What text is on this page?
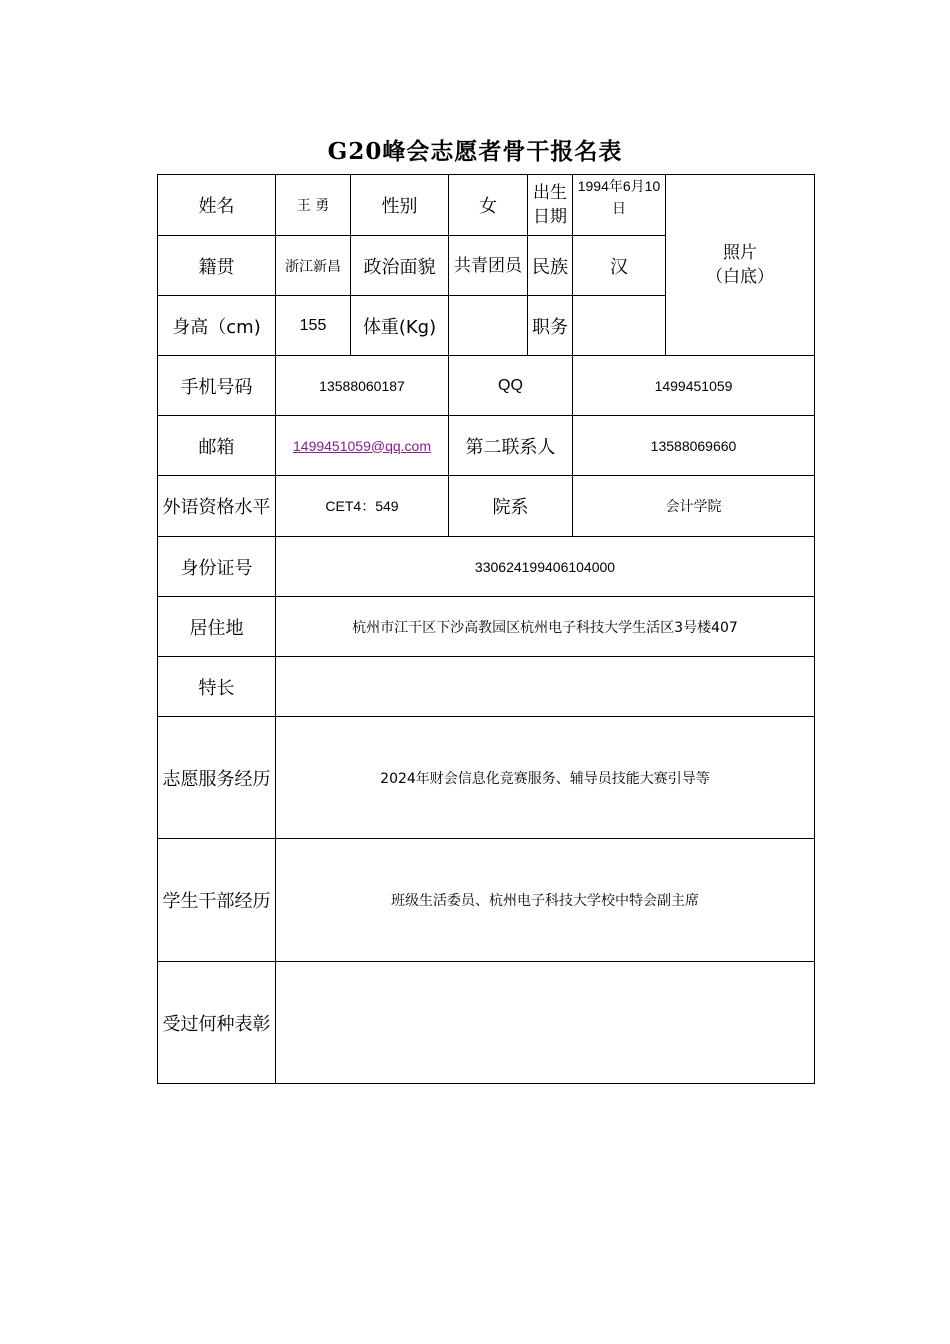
G20峰会志愿者骨干报名表
姓名	王 勇	性别	女	出生日期	1994年6月10日	照片
（白底）

籍贯	浙江新昌	政治面貌	共青团员	民族	汉	
身高（cm)	155	体重(Kg)		职务		
手机号码	13588060187		QQ		1499451059	
邮箱	1499451059@qq.com		第二联系人		13588069660	
外语资格水平	CET4：549		院系		会计学院	
身份证号	330624199406104000					
居住地	杭州市江干区下沙高教园区杭州电子科技大学生活区3号楼407					
特长						
志愿服务经历	2024年财会信息化竞赛服务、辅导员技能大赛引导等					
学生干部经历	班级生活委员、杭州电子科技大学校中特会副主席					
受过何种表彰						
